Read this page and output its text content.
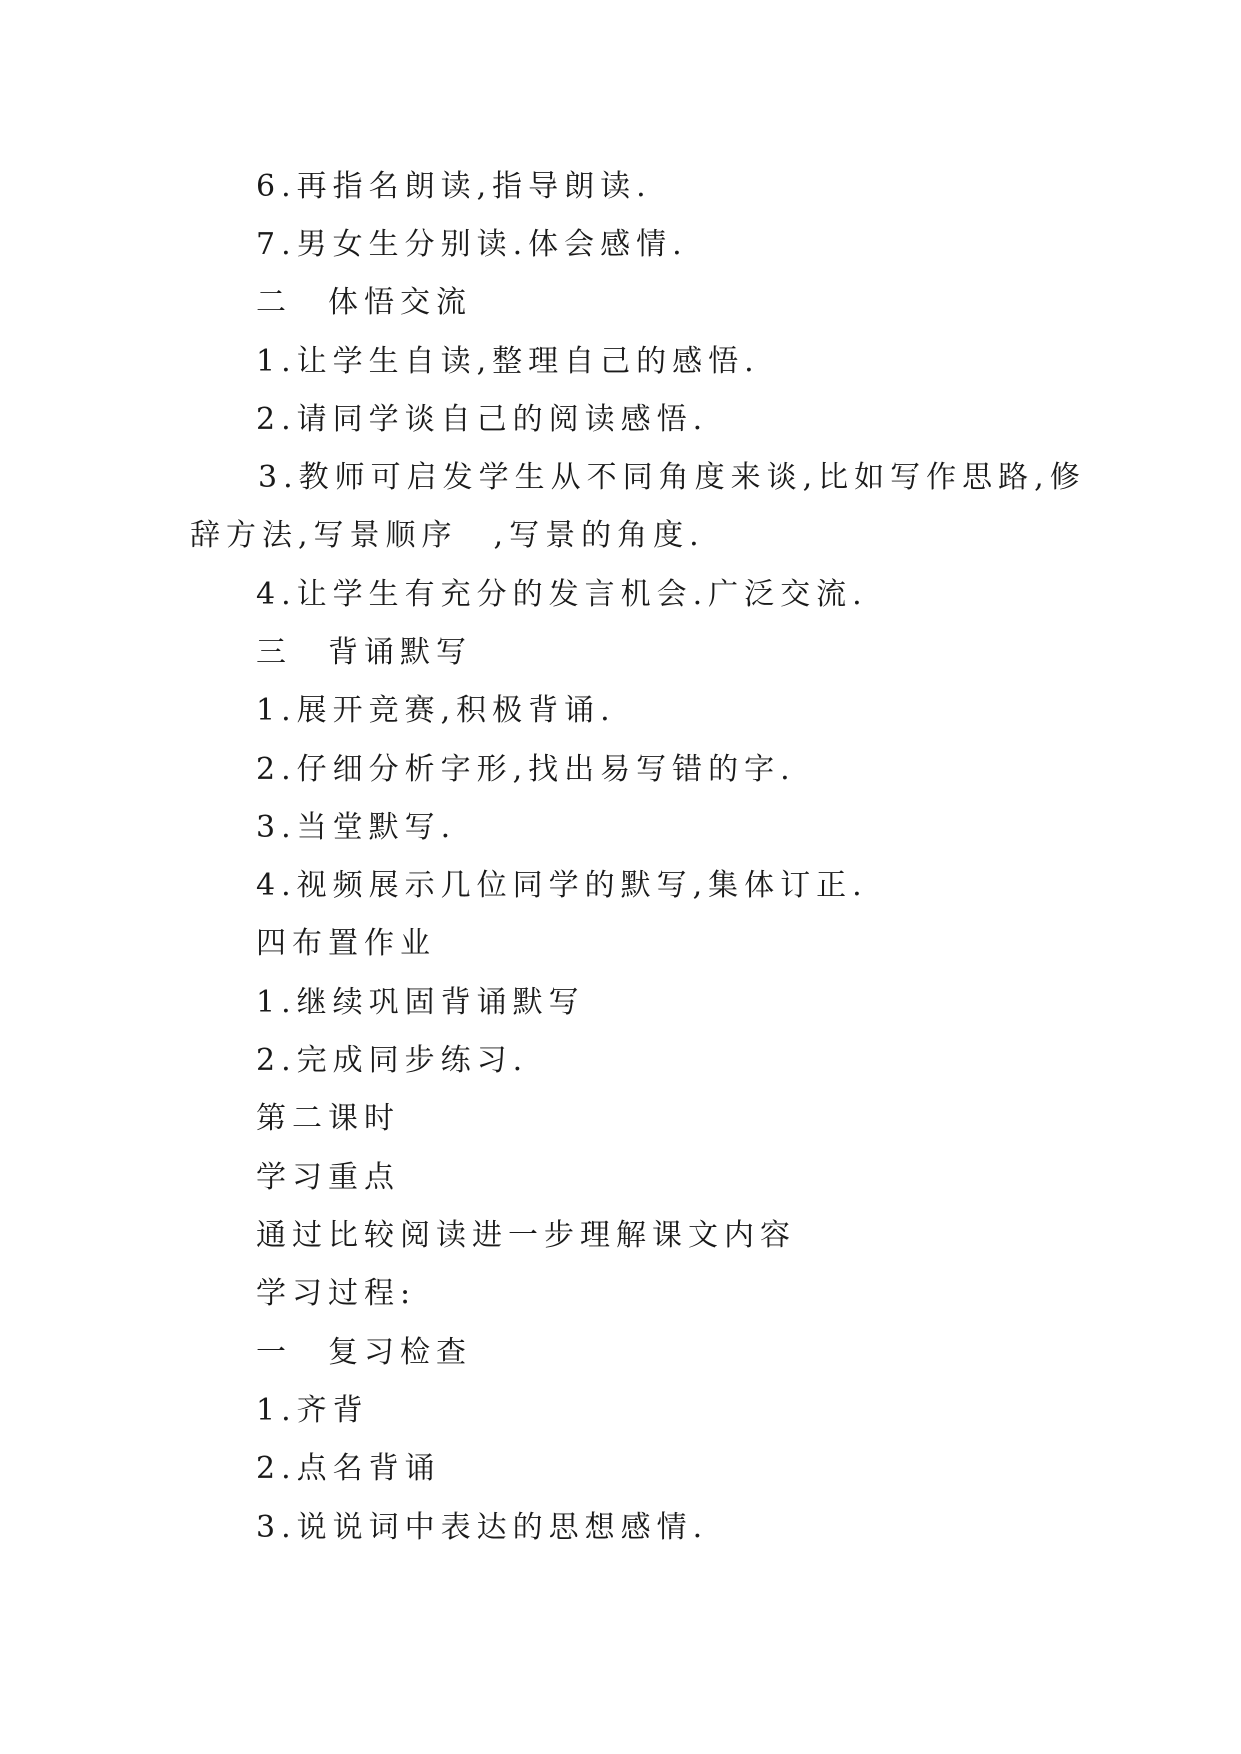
6.再指名朗读,指导朗读.
7.男女生分别读.体会感情.
二　体悟交流
1.让学生自读,整理自己的感悟.
2.请同学谈自己的阅读感悟.
3.教师可启发学生从不同角度来谈,比如写作思路,修
辞方法,写景顺序　,写景的角度.
4.让学生有充分的发言机会.广泛交流.
三　背诵默写
1.展开竞赛,积极背诵.
2.仔细分析字形,找出易写错的字.
3.当堂默写.
4.视频展示几位同学的默写,集体订正.
四布置作业
1.继续巩固背诵默写
2.完成同步练习.
第二课时
学习重点
通过比较阅读进一步理解课文内容
学习过程:
一　复习检查
1.齐背
2.点名背诵
3.说说词中表达的思想感情.
